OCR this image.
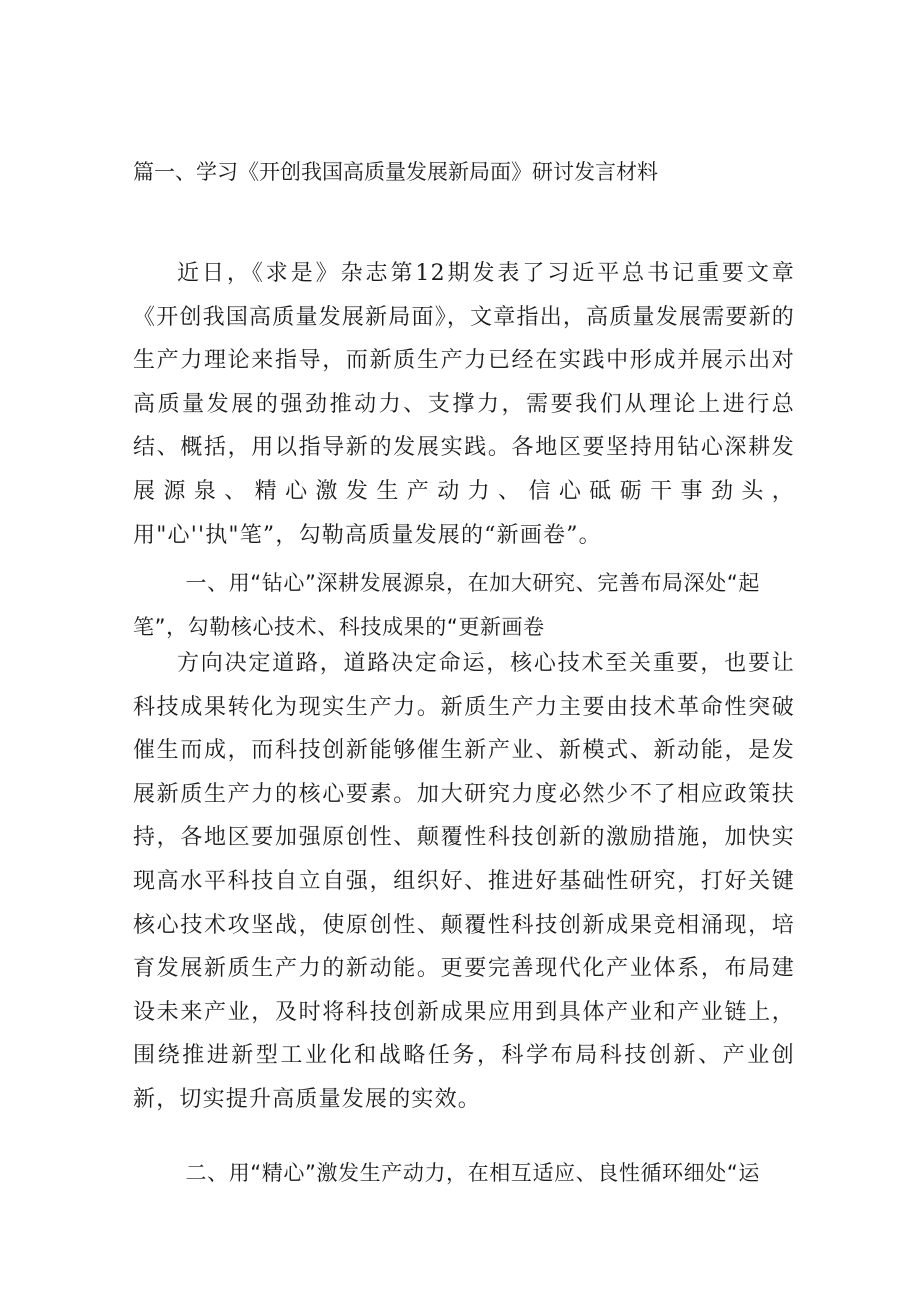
篇一、学习《开创我国高质量发展新局面》研讨发言材料

近日，《求是》杂志第12期发表了习近平总书记重要文章《开创我国高质量发展新局面》，文章指出，高质量发展需要新的生产力理论来指导，而新质生产力已经在实践中形成并展示出对高质量发展的强劲推动力、支撑力，需要我们从理论上进行总结、概括，用以指导新的发展实践。各地区要坚持用钻心深耕发展源泉、精心激发生产动力、信心砥砺干事劲头，用"心''执"笔”，勾勒高质量发展的“新画卷”。

一、用“钻心”深耕发展源泉，在加大研究、完善布局深处“起笔”，勾勒核心技术、科技成果的“更新画卷

方向决定道路，道路决定命运，核心技术至关重要，也要让科技成果转化为现实生产力。新质生产力主要由技术革命性突破催生而成，而科技创新能够催生新产业、新模式、新动能，是发展新质生产力的核心要素。加大研究力度必然少不了相应政策扶持，各地区要加强原创性、颠覆性科技创新的激励措施，加快实现高水平科技自立自强，组织好、推进好基础性研究，打好关键核心技术攻坚战，使原创性、颠覆性科技创新成果竞相涌现，培育发展新质生产力的新动能。更要完善现代化产业体系，布局建设未来产业，及时将科技创新成果应用到具体产业和产业链上，围绕推进新型工业化和战略任务，科学布局科技创新、产业创新，切实提升高质量发展的实效。

二、用“精心”激发生产动力，在相互适应、良性循环细处“运
